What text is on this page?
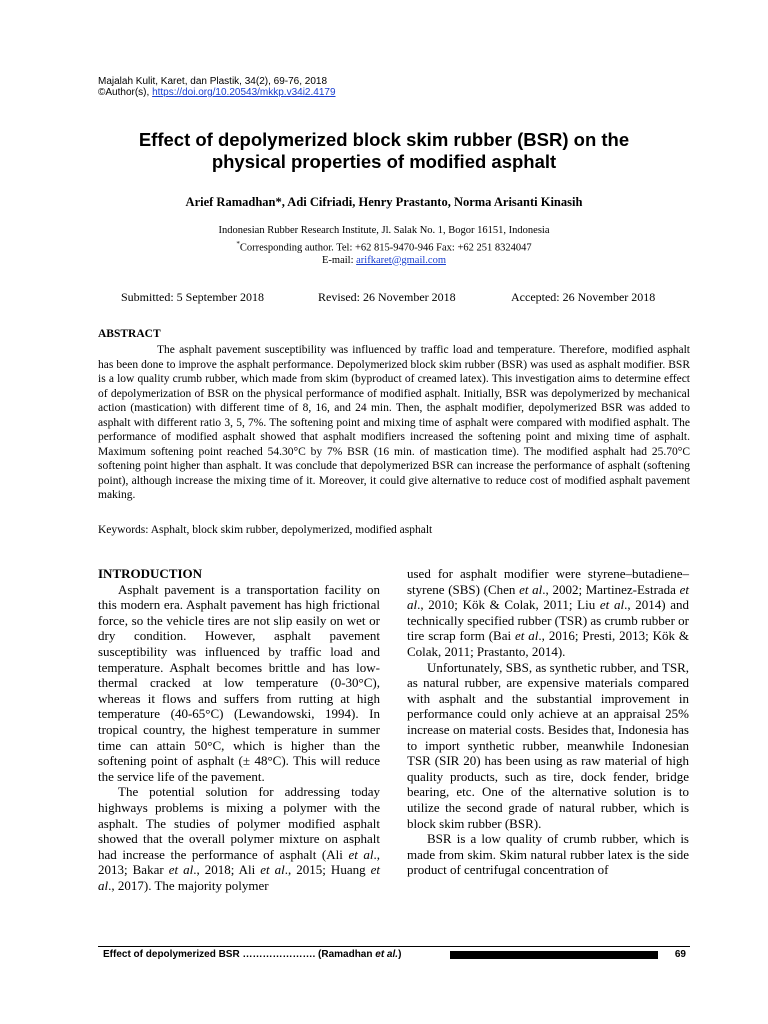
Majalah Kulit, Karet, dan Plastik, 34(2), 69-76, 2018
©Author(s), https://doi.org/10.20543/mkkp.v34i2.4179
Effect of depolymerized block skim rubber (BSR) on the
physical properties of modified asphalt
Arief Ramadhan*, Adi Cifriadi, Henry Prastanto, Norma Arisanti Kinasih
Indonesian Rubber Research Institute, Jl. Salak No. 1, Bogor 16151, Indonesia
*Corresponding author. Tel: +62 815-9470-946 Fax: +62 251 8324047
E-mail: arifkaret@gmail.com
Submitted: 5 September 2018	Revised: 26 November 2018	Accepted: 26 November 2018
ABSTRACT

The asphalt pavement susceptibility was influenced by traffic load and temperature. Therefore, modified asphalt has been done to improve the asphalt performance. Depolymerized block skim rubber (BSR) was used as asphalt modifier. BSR is a low quality crumb rubber, which made from skim (byproduct of creamed latex). This investigation aims to determine effect of depolymerization of BSR on the physical performance of modified asphalt. Initially, BSR was depolymerized by mechanical action (mastication) with different time of 8, 16, and 24 min. Then, the asphalt modifier, depolymerized BSR was added to asphalt with different ratio 3, 5, 7%. The softening point and mixing time of asphalt were compared with modified asphalt. The performance of modified asphalt showed that asphalt modifiers increased the softening point and mixing time of asphalt. Maximum softening point reached 54.30°C by 7% BSR (16 min. of mastication time). The modified asphalt had 25.70°C softening point higher than asphalt. It was conclude that depolymerized BSR can increase the performance of asphalt (softening point), although increase the mixing time of it. Moreover, it could give alternative to reduce cost of modified asphalt pavement making.

Keywords: Asphalt, block skim rubber, depolymerized, modified asphalt

INTRODUCTION

Asphalt pavement is a transportation facility on this modern era. Asphalt pavement has high frictional force, so the vehicle tires are not slip easily on wet or dry condition. However, asphalt pavement susceptibility was influenced by traffic load and temperature. Asphalt becomes brittle and has low-thermal cracked at low temperature (0-30°C), whereas it flows and suffers from rutting at high temperature (40-65°C) (Lewandowski, 1994). In tropical country, the highest temperature in summer time can attain 50°C, which is higher than the softening point of asphalt (± 48°C). This will reduce the service life of the pavement.

The potential solution for addressing today highways problems is mixing a polymer with the asphalt. The studies of polymer modified asphalt showed that the overall polymer mixture on asphalt had increase the performance of asphalt (Ali et al., 2013; Bakar et al., 2018; Ali et al., 2015; Huang et al., 2017). The majority polymer

used for asphalt modifier were styrene–butadiene–styrene (SBS) (Chen et al., 2002; Martinez-Estrada et al., 2010; Kök & Colak, 2011; Liu et al., 2014) and technically specified rubber (TSR) as crumb rubber or tire scrap form (Bai et al., 2016; Presti, 2013; Kök & Colak, 2011; Prastanto, 2014).

Unfortunately, SBS, as synthetic rubber, and TSR, as natural rubber, are expensive materials compared with asphalt and the substantial improvement in performance could only achieve at an appraisal 25% increase on material costs. Besides that, Indonesia has to import synthetic rubber, meanwhile Indonesian TSR (SIR 20) has been using as raw material of high quality products, such as tire, dock fender, bridge bearing, etc. One of the alternative solution is to utilize the second grade of natural rubber, which is block skim rubber (BSR).

BSR is a low quality of crumb rubber, which is made from skim. Skim natural rubber latex is the side product of centrifugal concentration of

Effect of depolymerized BSR …………………. (Ramadhan et al.)	69
